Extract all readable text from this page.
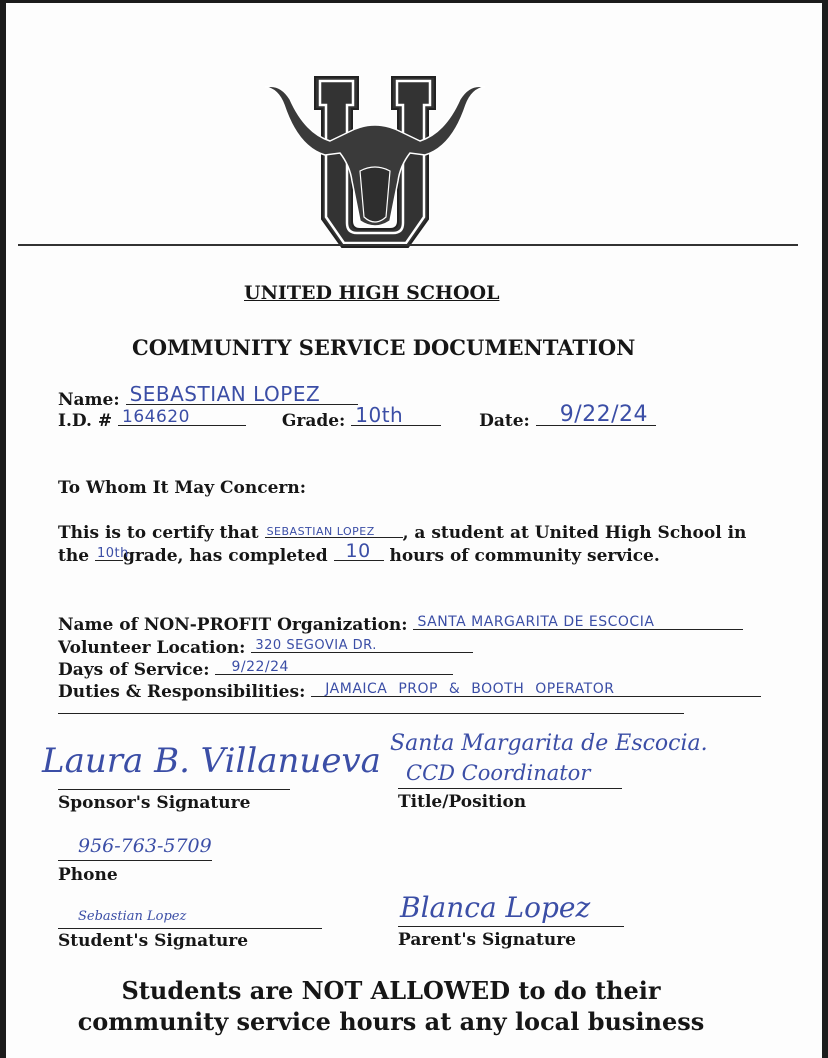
UNITED HIGH SCHOOL
COMMUNITY SERVICE DOCUMENTATION
Name: SEBASTIAN LOPEZ
I.D. # 164620	Grade: 10th	Date: 9/22/24
To Whom It May Concern:
This is to certify that SEBASTIAN LOPEZ , a student at United High School in
the 10th
grade, has completed 10 hours of community service.
Name of NON-PROFIT Organization: SANTA MARGARITA DE ESCOCIA
Volunteer Location: 320 SEGOVIA DR.
Days of Service: 9/22/24
Duties & Responsibilities: JAMAICA PROP & BOOTH OPERATOR
Laura B. Villanueva
Sponsor's Signature
Santa Margarita de Escocia.
CCD Coordinator
Title/Position
956-763-5709
Phone
Sebastian Lopez
Student's Signature
Blanca Lopez
Parent's Signature
Students are NOT ALLOWED to do their
community service hours at any local business
